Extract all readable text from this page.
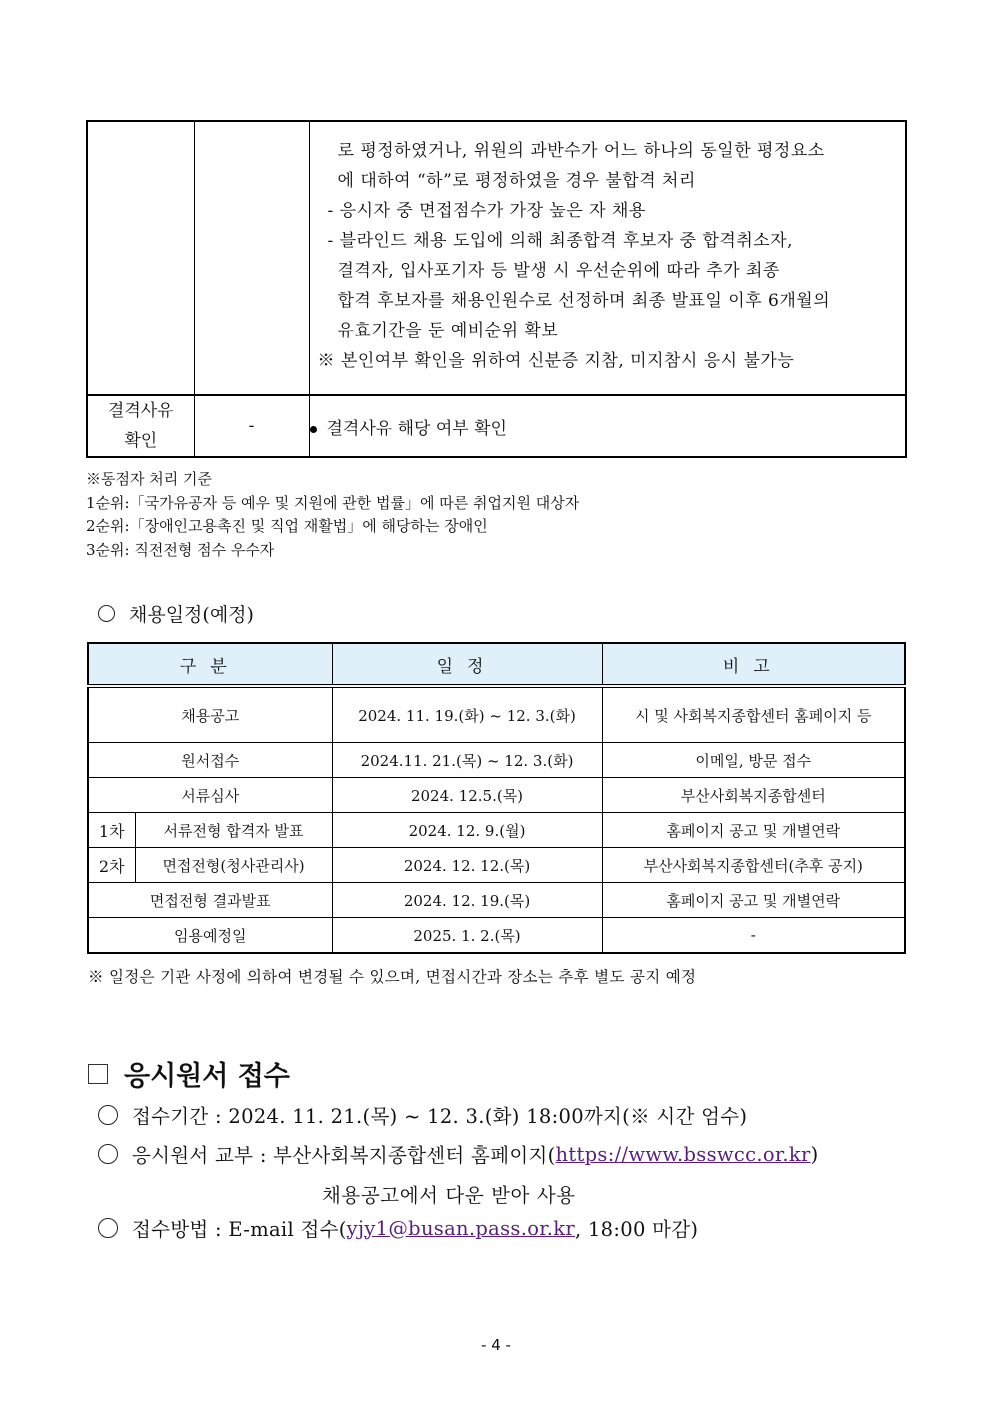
로 평정하였거나, 위원의 과반수가 어느 하나의 동일한 평정요소
에 대하여 “하”로 평정하였을 경우 불합격 처리
- 응시자 중 면접점수가 가장 높은 자 채용
- 블라인드 채용 도입에 의해 최종합격 후보자 중 합격취소자,
결격자, 입사포기자 등 발생 시 우선순위에 따라 추가 최종
합격 후보자를 채용인원수로 선정하며 최종 발표일 이후 6개월의
유효기간을 둔 예비순위 확보
※ 본인여부 확인을 위하여 신분증 지참, 미지참시 응시 불가능

결격사유
확인	-	결격사유 해당 여부 확인
※동점자 처리 기준
1순위:「국가유공자 등 예우 및 지원에 관한 법률」에 따른 취업지원 대상자
2순위:「장애인고용촉진 및 직업 재활법」에 해당하는 장애인
3순위: 직전전형 점수 우수자
채용일정(예정)
구분		일정	비고
채용공고		2024. 11. 19.(화) ~ 12. 3.(화)	시 및 사회복지종합센터 홈페이지 등
원서접수		2024.11. 21.(목) ~ 12. 3.(화)	이메일, 방문 접수
서류심사		2024. 12.5.(목)	부산사회복지종합센터
1차	서류전형 합격자 발표	2024. 12. 9.(월)	홈페이지 공고 및 개별연락
2차	면접전형(청사관리사)	2024. 12. 12.(목)	부산사회복지종합센터(추후 공지)
면접전형 결과발표		2024. 12. 19.(목)	홈페이지 공고 및 개별연락
임용예정일		2025. 1. 2.(목)	-
※ 일정은 기관 사정에 의하여 변경될 수 있으며, 면접시간과 장소는 추후 별도 공지 예정
응시원서 접수
접수기간 : 2024. 11. 21.(목) ~ 12. 3.(화) 18:00까지(※ 시간 엄수)
응시원서 교부 : 부산사회복지종합센터 홈페이지( https://www.bsswcc.or.kr )
채용공고에서 다운 받아 사용
접수방법 : E-mail 접수( yjy1@busan.pass.or.kr , 18:00 마감)
- 4 -
